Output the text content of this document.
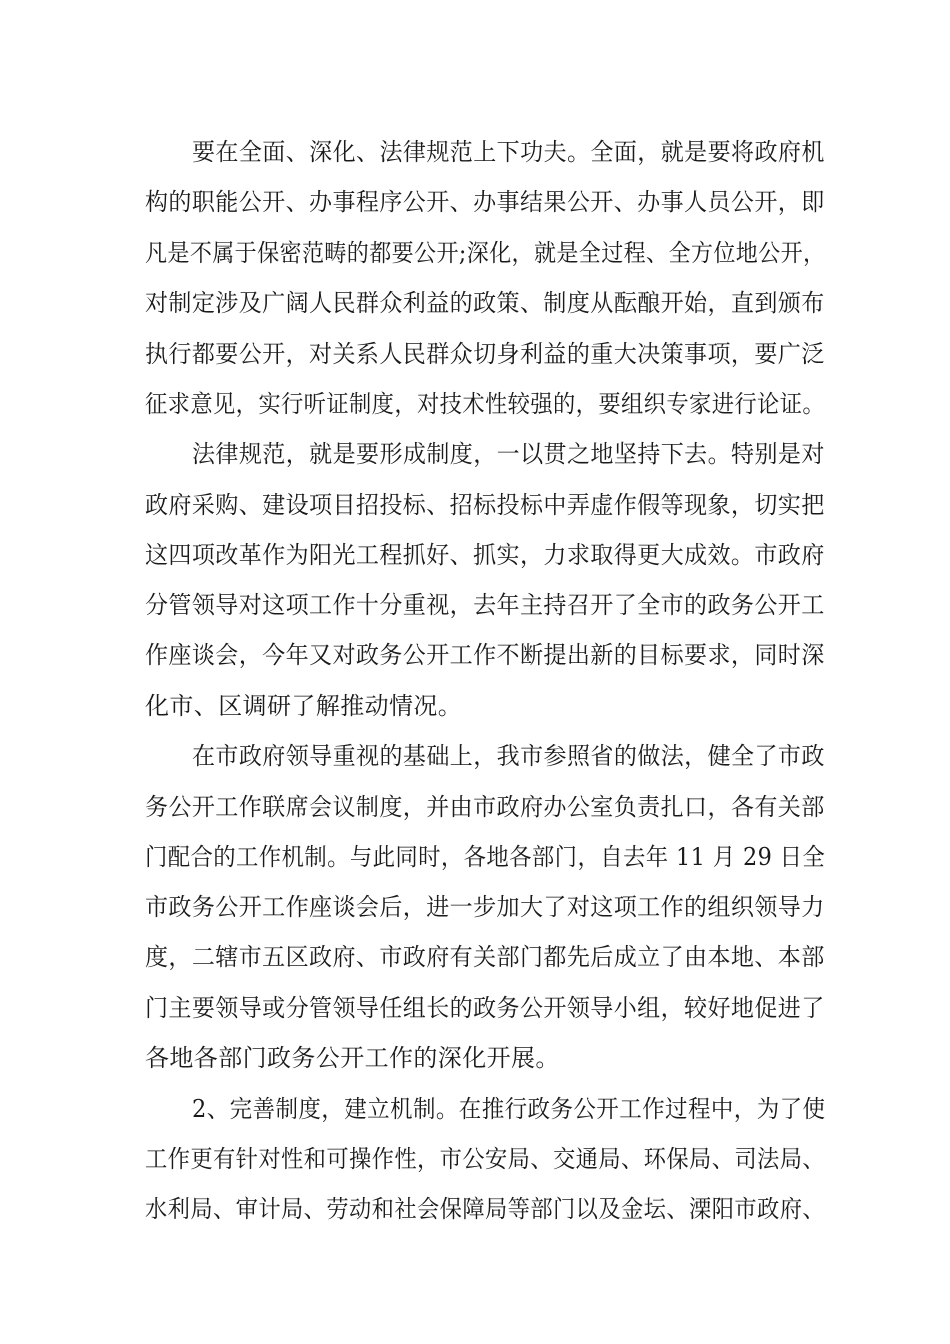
要在全面、深化、法律规范上下功夫。全面，就是要将政府机
构的职能公开、办事程序公开、办事结果公开、办事人员公开，即
凡是不属于保密范畴的都要公开;深化，就是全过程、全方位地公开，
对制定涉及广阔人民群众利益的政策、制度从酝酿开始，直到颁布
执行都要公开，对关系人民群众切身利益的重大决策事项，要广泛
征求意见，实行听证制度，对技术性较强的，要组织专家进行论证。
法律规范，就是要形成制度，一以贯之地坚持下去。特别是对
政府采购、建设项目招投标、招标投标中弄虚作假等现象，切实把
这四项改革作为阳光工程抓好、抓实，力求取得更大成效。市政府
分管领导对这项工作十分重视，去年主持召开了全市的政务公开工
作座谈会，今年又对政务公开工作不断提出新的目标要求，同时深
化市、区调研了解推动情况。
在市政府领导重视的基础上，我市参照省的做法，健全了市政
务公开工作联席会议制度，并由市政府办公室负责扎口，各有关部
门配合的工作机制。与此同时，各地各部门，自去年 11 月 29 日全
市政务公开工作座谈会后，进一步加大了对这项工作的组织领导力
度，二辖市五区政府、市政府有关部门都先后成立了由本地、本部
门主要领导或分管领导任组长的政务公开领导小组，较好地促进了
各地各部门政务公开工作的深化开展。
2、完善制度，建立机制。在推行政务公开工作过程中，为了使
工作更有针对性和可操作性，市公安局、交通局、环保局、司法局、
水利局、审计局、劳动和社会保障局等部门以及金坛、溧阳市政府、
